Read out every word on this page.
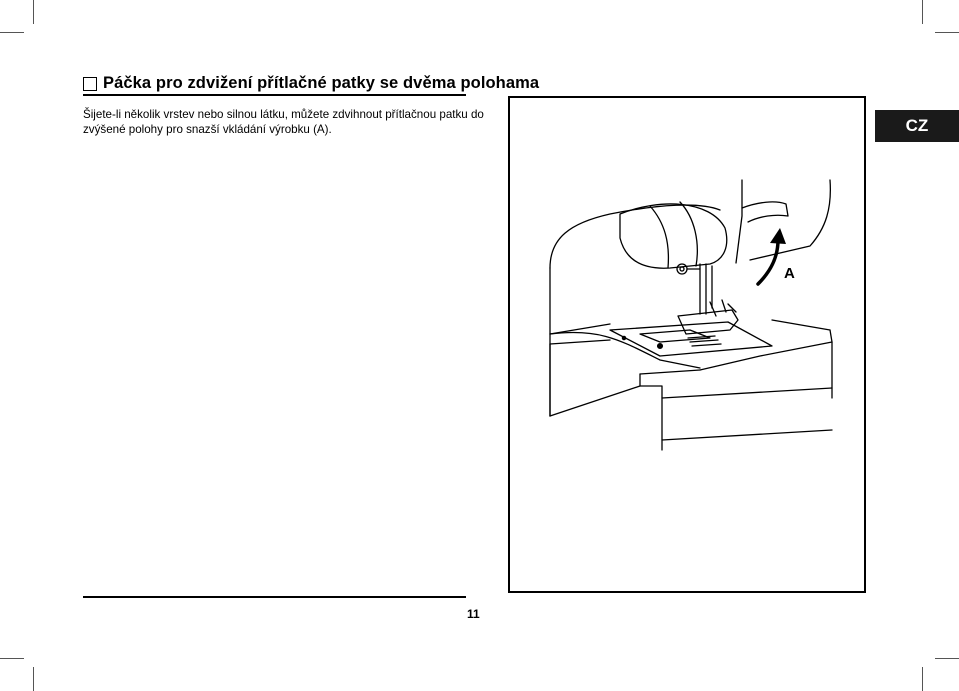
Páčka pro zdvižení přítlačné patky se dvěma polohama

Šijete-li několik vrstev nebo silnou látku, můžete zdvihnout přítlačnou patku do zvýšené polohy pro snazší vkládání výrobku (A).

A
CZ
11
